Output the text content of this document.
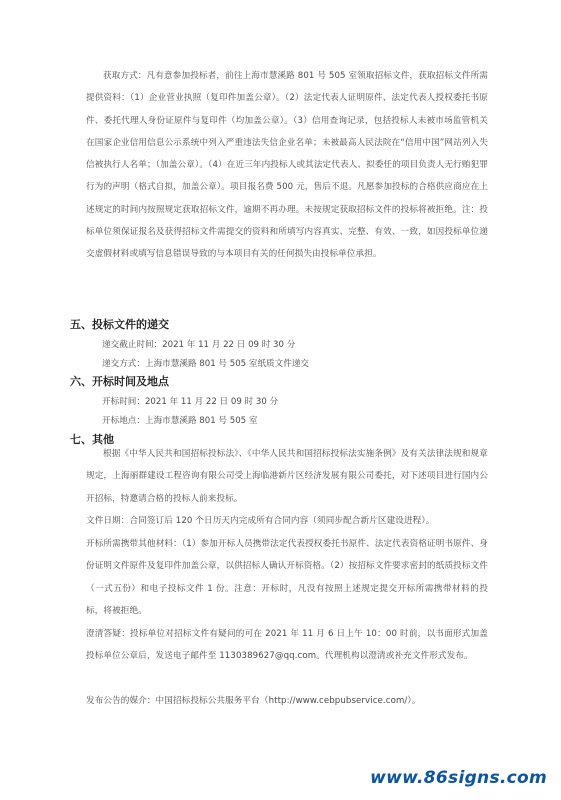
获取方式：凡有意参加投标者，前往上海市慧溪路 801 号 505 室领取招标文件，获取招标文件所需提供资料：（1）企业营业执照（复印件加盖公章）。（2）法定代表人证明原件、法定代表人授权委托书原件、委托代理人身份证原件与复印件（均加盖公章）。（3）信用查询记录，包括投标人未被市场监管机关在国家企业信用信息公示系统中列入严重违法失信企业名单；未被最高人民法院在“信用中国”网站列入失信被执行人名单；（加盖公章）。（4）在近三年内投标人或其法定代表人、拟委任的项目负责人无行贿犯罪行为的声明（格式自拟，加盖公章）。项目报名费 500 元，售后不退。凡愿参加投标的合格供应商应在上述规定的时间内按照规定获取招标文件，逾期不再办理。未按规定获取招标文件的投标将被拒绝。注：投标单位须保证报名及获得招标文件需提交的资料和所填写内容真实、完整、有效、一致，如因投标单位递交虚假材料或填写信息错误导致的与本项目有关的任何损失由投标单位承担。

五、投标文件的递交

递交截止时间：2021 年 11 月 22 日 09 时 30 分

递交方式：上海市慧溪路 801 号 505 室纸质文件递交

六、开标时间及地点

开标时间：2021 年 11 月 22 日 09 时 30 分

开标地点：上海市慧溪路 801 号 505 室

七、其他

根据《中华人民共和国招标投标法》、《中华人民共和国招标投标法实施条例》及有关法律法规和规章规定，上海丽群建设工程咨询有限公司受上海临港新片区经济发展有限公司委托，对下述项目进行国内公开招标，特邀请合格的投标人前来投标。

文件日期：合同签订后 120 个日历天内完成所有合同内容（须同步配合新片区建设进程）。

开标所需携带其他材料：（1）参加开标人员携带法定代表授权委托书原件、法定代表资格证明书原件、身份证明文件原件及复印件加盖公章，以供招标人确认开标资格。（2）按招标文件要求密封的纸质投标文件（一式五份）和电子投标文件 1 份。注意：开标时，凡没有按照上述规定提交开标所需携带材料的投标，将被拒绝。

澄清答疑：投标单位对招标文件有疑问的可在 2021 年 11 月 6 日上午 10：00 时前，以书面形式加盖投标单位公章后，发送电子邮件至 1130389627@qq.com。代理机构以澄清或补充文件形式发布。

发布公告的媒介：中国招标投标公共服务平台（http://www.cebpubservice.com/）。

www.86signs.com
